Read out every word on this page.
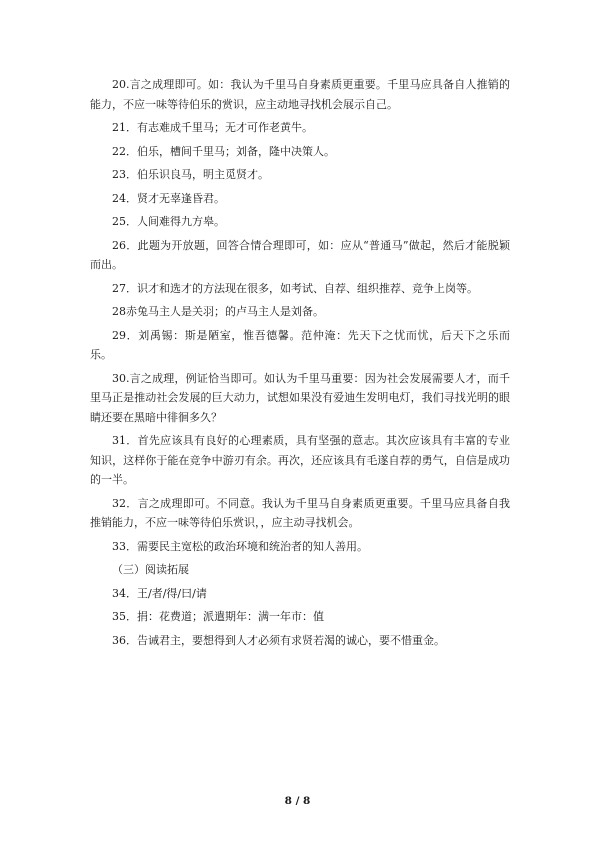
20.言之成理即可。如：我认为千里马自身素质更重要。千里马应具备自人推销的能力，不应一味等待伯乐的赏识，应主动地寻找机会展示自己。

21．有志难成千里马；无才可作老黄牛。

22．伯乐，槽间千里马；刘备，隆中决策人。

23．伯乐识良马，明主觅贤才。

24．贤才无辜逢昏君。

25．人间难得九方皋。

26．此题为开放题，回答合情合理即可，如：应从“普通马”做起，然后才能脱颖而出。

27．识才和选才的方法现在很多，如考试、自荐、组织推荐、竞争上岗等。

28赤兔马主人是关羽；的卢马主人是刘备。

29．刘禹锡：斯是陋室，惟吾德馨。范仲淹：先天下之忧而忧，后天下之乐而乐。

30.言之成理，例证恰当即可。如认为千里马重要：因为社会发展需要人才，而千里马正是推动社会发展的巨大动力，试想如果没有爱迪生发明电灯，我们寻找光明的眼睛还要在黑暗中徘徊多久？

31．首先应该具有良好的心理素质，具有坚强的意志。其次应该具有丰富的专业知识，这样你于能在竞争中游刃有余。再次，还应该具有毛遂自荐的勇气，自信是成功的一半。

32．言之成理即可。不同意。我认为千里马自身素质更重要。千里马应具备自我推销能力，不应一味等待伯乐赏识，，应主动寻找机会。

33．需要民主宽松的政治环境和统治者的知人善用。

（三）阅读拓展

34．王/者/得/曰/请

35．捐：花费道；派遣期年：满一年市：值

36．告诫君主，要想得到人才必须有求贤若渴的诚心，要不惜重金。

8 / 8
